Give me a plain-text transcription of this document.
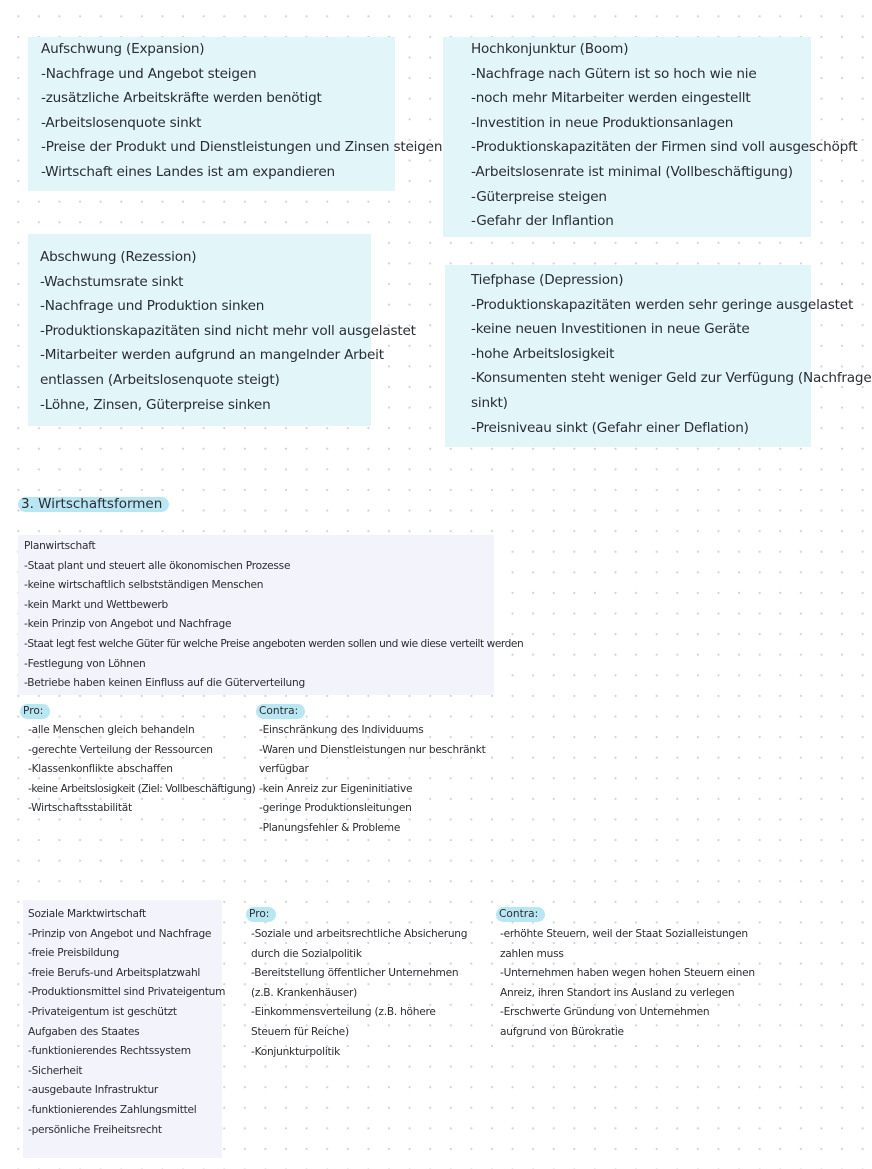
Aufschwung (Expansion)
-Nachfrage und Angebot steigen
-zusätzliche Arbeitskräfte werden benötigt
-Arbeitslosenquote sinkt
-Preise der Produkt und Dienstleistungen und Zinsen steigen
-Wirtschaft eines Landes ist am expandieren
Hochkonjunktur (Boom)
-Nachfrage nach Gütern ist so hoch wie nie
-noch mehr Mitarbeiter werden eingestellt
-Investition in neue Produktionsanlagen
-Produktionskapazitäten der Firmen sind voll ausgeschöpft
-Arbeitslosenrate ist minimal (Vollbeschäftigung)
-Güterpreise steigen
-Gefahr der Inflantion
Abschwung (Rezession)
-Wachstumsrate sinkt
-Nachfrage und Produktion sinken
-Produktionskapazitäten sind nicht mehr voll ausgelastet
-Mitarbeiter werden aufgrund an mangelnder Arbeit
entlassen (Arbeitslosenquote steigt)
-Löhne, Zinsen, Güterpreise sinken
Tiefphase (Depression)
-Produktionskapazitäten werden sehr geringe ausgelastet
-keine neuen Investitionen in neue Geräte
-hohe Arbeitslosigkeit
-Konsumenten steht weniger Geld zur Verfügung (Nachfrage
sinkt)
-Preisniveau sinkt (Gefahr einer Deflation)
3. Wirtschaftsformen
Planwirtschaft
-Staat plant und steuert alle ökonomischen Prozesse
-keine wirtschaftlich selbstständigen Menschen
-kein Markt und Wettbewerb
-kein Prinzip von Angebot und Nachfrage
-Staat legt fest welche Güter für welche Preise angeboten werden sollen und wie diese verteilt werden
-Festlegung von Löhnen
-Betriebe haben keinen Einfluss auf die Güterverteilung
Pro:
-alle Menschen gleich behandeln
-gerechte Verteilung der Ressourcen
-Klassenkonflikte abschaffen
-keine Arbeitslosigkeit (Ziel: Vollbeschäftigung)
-Wirtschaftsstabilität
Contra:
-Einschränkung des Individuums
-Waren und Dienstleistungen nur beschränkt
verfügbar
-kein Anreiz zur Eigeninitiative
-geringe Produktionsleitungen
-Planungsfehler & Probleme
Soziale Marktwirtschaft
-Prinzip von Angebot und Nachfrage
-freie Preisbildung
-freie Berufs-und Arbeitsplatzwahl
-Produktionsmittel sind Privateigentum
-Privateigentum ist geschützt
Aufgaben des Staates
-funktionierendes Rechtssystem
-Sicherheit
-ausgebaute Infrastruktur
-funktionierendes Zahlungsmittel
-persönliche Freiheitsrecht
Pro:
-Soziale und arbeitsrechtliche Absicherung
durch die Sozialpolitik
-Bereitstellung öffentlicher Unternehmen
(z.B. Krankenhäuser)
-Einkommensverteilung (z.B. höhere
Steuern für Reiche)
-Konjunkturpolitik
Contra:
-erhöhte Steuern, weil der Staat Sozialleistungen
zahlen muss
-Unternehmen haben wegen hohen Steuern einen
Anreiz, ihren Standort ins Ausland zu verlegen
-Erschwerte Gründung von Unternehmen
aufgrund von Bürokratie
